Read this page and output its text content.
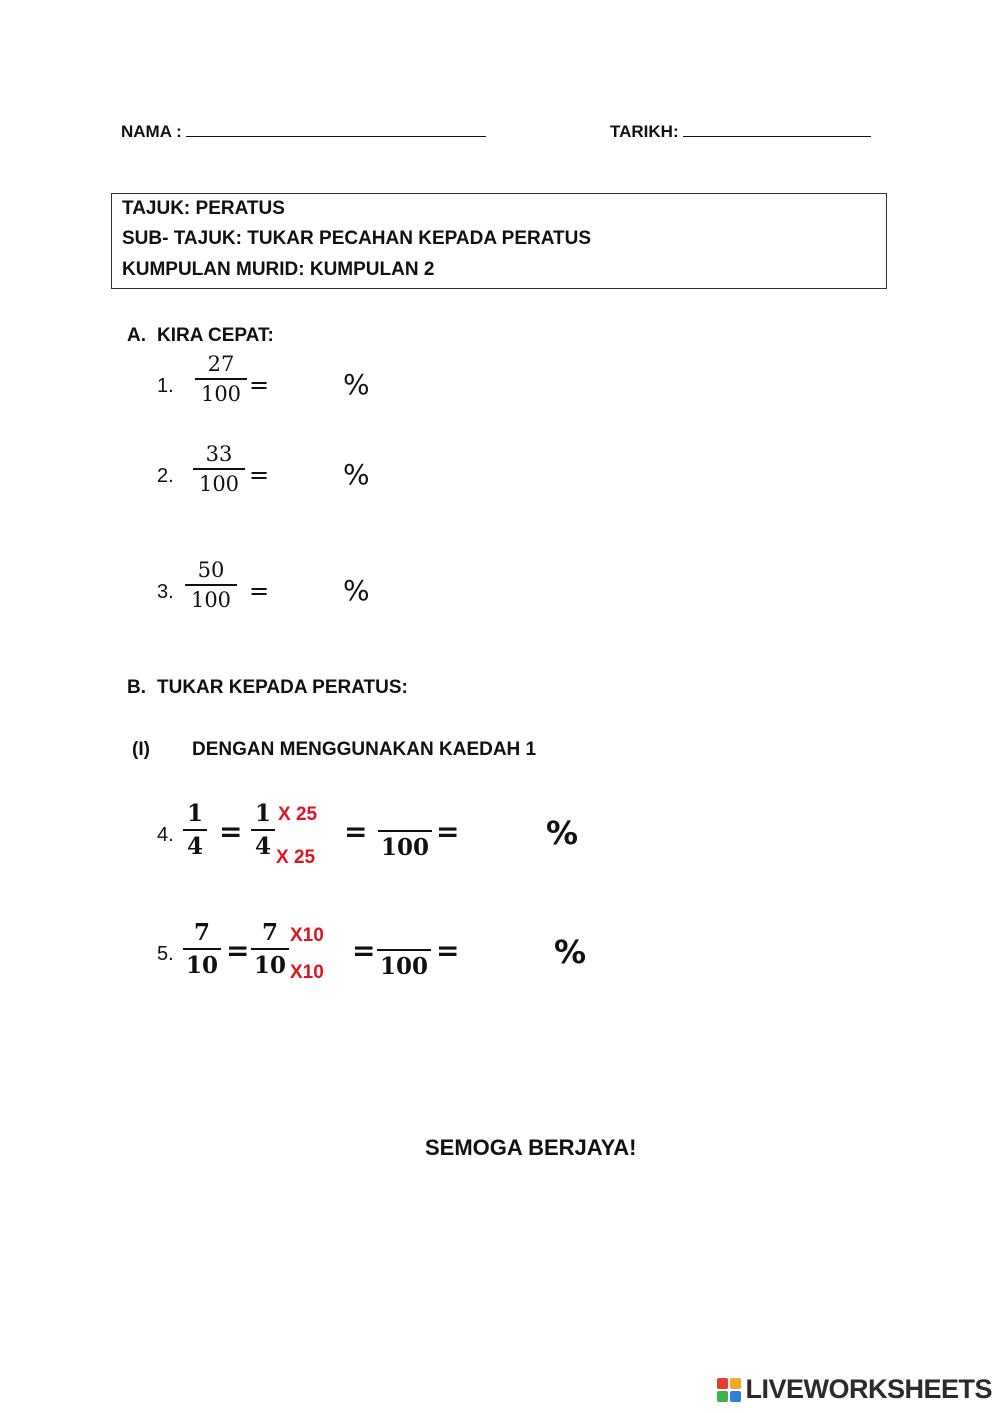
NAMA :	TARIKH:
TAJUK: PERATUS
SUB- TAJUK: TUKAR PECAHAN KEPADA PERATUS
KUMPULAN MURID: KUMPULAN 2
A. KIRA CEPAT:
1.
27
100 =	%
2.
33
100 =	%
3.
50
100 =	%
B. TUKAR KEPADA PERATUS:
(I) DENGAN MENGGUNAKAN KAEDAH 1
4.
1
4 =
1
4
X 25
X 25
= 100 =	%
5.
7
10 =
7
10
X10
X10
= 100 =	%
SEMOGA BERJAYA!
LIVEWORKSHEETS
